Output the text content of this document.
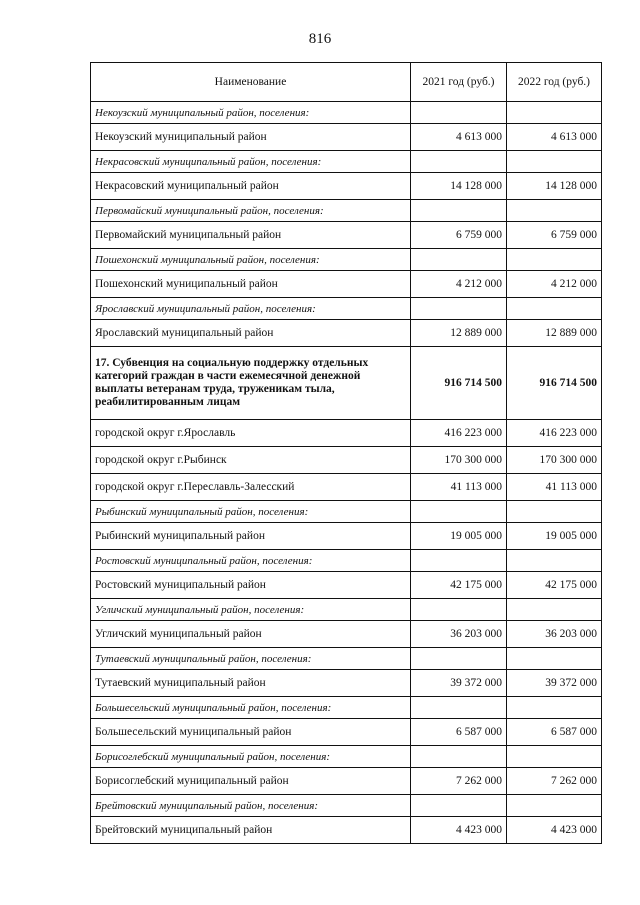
816
Наименование	2021 год (руб.)	2022 год (руб.)
Некоузский муниципальный район, поселения:		
Некоузский муниципальный район	4 613 000	4 613 000
Некрасовский муниципальный район, поселения:		
Некрасовский муниципальный район	14 128 000	14 128 000
Первомайский муниципальный район, поселения:		
Первомайский муниципальный район	6 759 000	6 759 000
Пошехонский муниципальный район, поселения:		
Пошехонский муниципальный район	4 212 000	4 212 000
Ярославский муниципальный район, поселения:		
Ярославский муниципальный район	12 889 000	12 889 000
17. Субвенция на социальную поддержку отдельных категорий граждан в части ежемесячной денежной выплаты ветеранам труда, труженикам тыла, реабилитированным лицам	916 714 500	916 714 500
городской округ г.Ярославль	416 223 000	416 223 000
городской округ г.Рыбинск	170 300 000	170 300 000
городской округ г.Переславль-Залесский	41 113 000	41 113 000
Рыбинский муниципальный район, поселения:		
Рыбинский муниципальный район	19 005 000	19 005 000
Ростовский муниципальный район, поселения:		
Ростовский муниципальный район	42 175 000	42 175 000
Угличский муниципальный район, поселения:		
Угличский муниципальный район	36 203 000	36 203 000
Тутаевский муниципальный район, поселения:		
Тутаевский муниципальный район	39 372 000	39 372 000
Большесельский муниципальный район, поселения:		
Большесельский муниципальный район	6 587 000	6 587 000
Борисоглебский муниципальный район, поселения:		
Борисоглебский муниципальный район	7 262 000	7 262 000
Брейтовский муниципальный район, поселения:		
Брейтовский муниципальный район	4 423 000	4 423 000
